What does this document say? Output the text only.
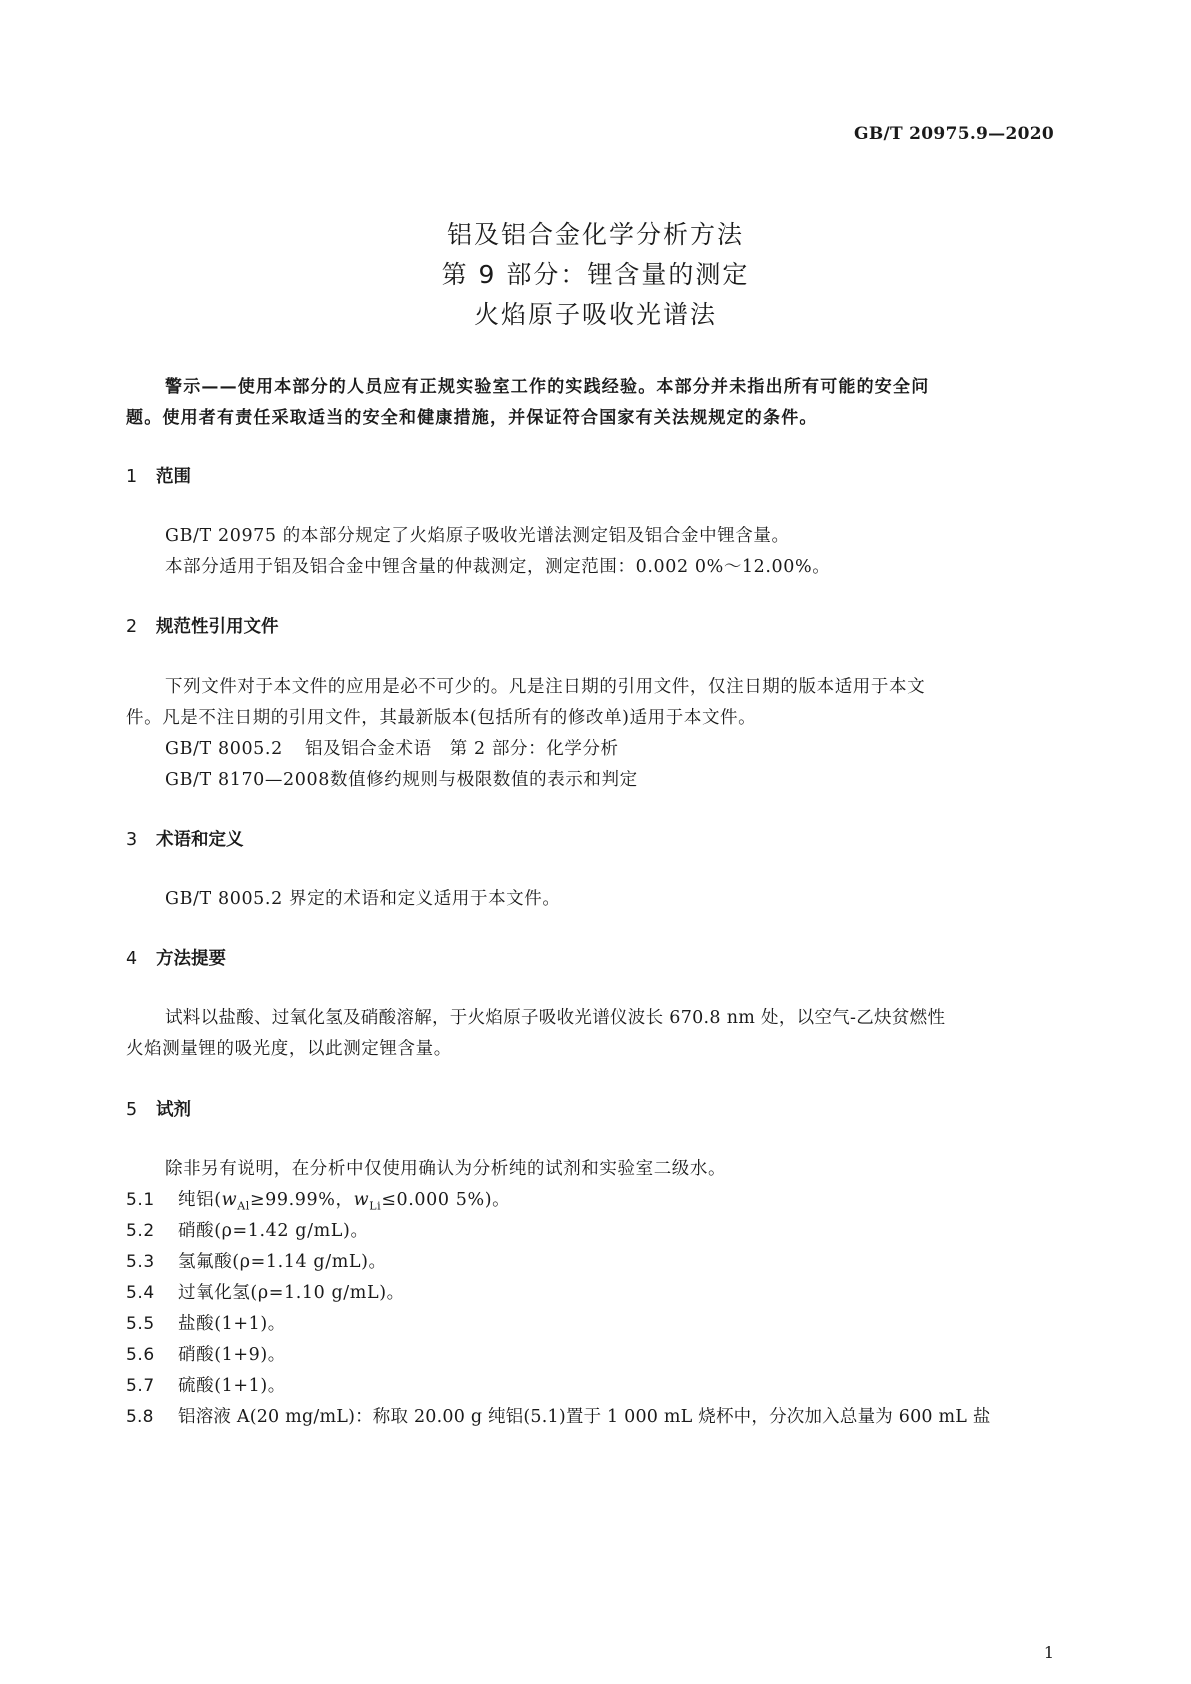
GB/T 20975.9—2020
铝及铝合金化学分析方法
第 9 部分：锂含量的测定
火焰原子吸收光谱法
警示——使用本部分的人员应有正规实验室工作的实践经验。本部分并未指出所有可能的安全问
题。使用者有责任采取适当的安全和健康措施，并保证符合国家有关法规规定的条件。
1 范围
GB/T 20975 的本部分规定了火焰原子吸收光谱法测定铝及铝合金中锂含量。
本部分适用于铝及铝合金中锂含量的仲裁测定，测定范围：0.002 0%～12.00%。
2 规范性引用文件
下列文件对于本文件的应用是必不可少的。凡是注日期的引用文件，仅注日期的版本适用于本文
件。凡是不注日期的引用文件，其最新版本(包括所有的修改单)适用于本文件。
GB/T 8005.2 铝及铝合金术语　第 2 部分：化学分析
GB/T 8170—2008数值修约规则与极限数值的表示和判定
3 术语和定义
GB/T 8005.2 界定的术语和定义适用于本文件。
4 方法提要
试料以盐酸、过氧化氢及硝酸溶解，于火焰原子吸收光谱仪波长 670.8 nm 处，以空气-乙炔贫燃性
火焰测量锂的吸光度，以此测定锂含量。
5 试剂
除非另有说明，在分析中仅使用确认为分析纯的试剂和实验室二级水。
5.1 纯铝($w_{Al}\ge 99.99\%$，$w_{Li}\le 0.000$ 5%)。
5.2 硝酸(ρ=1.42 g/mL)。
5.3 氢氟酸(ρ=1.14 g/mL)。
5.4 过氧化氢(ρ=1.10 g/mL)。
5.5 盐酸(1+1)。
5.6 硝酸(1+9)。
5.7 硫酸(1+1)。
5.8 铝溶液 A(20 mg/mL)：称取 20.00 g 纯铝(5.1)置于 1 000 mL 烧杯中，分次加入总量为 600 mL 盐
1
